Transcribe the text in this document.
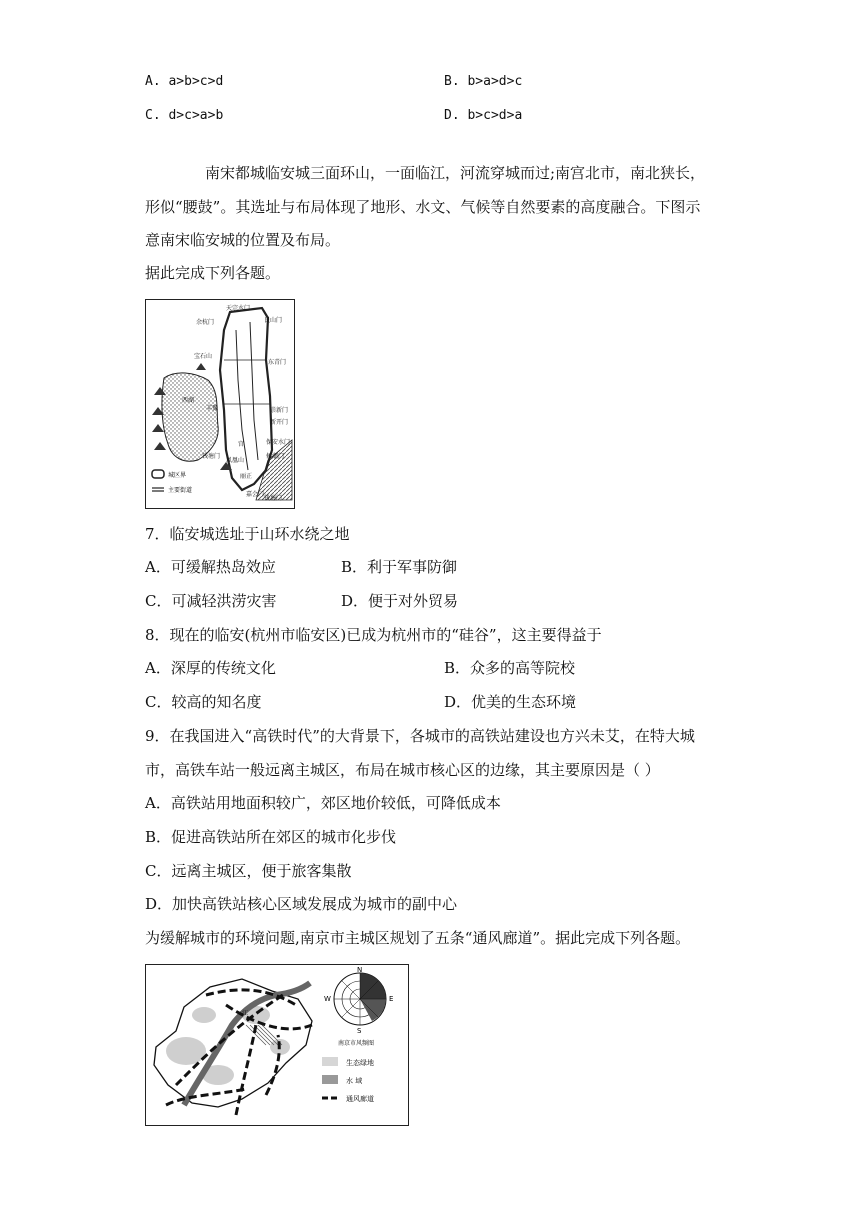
A. a>b>c>d	B. b>a>d>c
C. d>c>a>b	D. b>c>d>a
南宋都城临安城三面环山，一面临江，河流穿城而过;南宫北市，南北狭长，
形似“腰鼓”。其选址与布局体现了地形、水文、气候等自然要素的高度融合。下图示
意南宋临安城的位置及布局。
据此完成下列各题。
天宗水门
艮山门
余杭门
东青门
崇新门
新开门
保安水门
候潮门
宝石山
西湖
丰豫
钱塘门
凤凰山
宫
丽正
嘉会门
钱塘门
城区界
主要街道
7．临安城选址于山环水绕之地
A．可缓解热岛效应	B．利于军事防御
C．可减轻洪涝灾害	D．便于对外贸易
8．现在的临安(杭州市临安区)已成为杭州市的“硅谷”，这主要得益于
A．深厚的传统文化	B．众多的高等院校
C．较高的知名度	D．优美的生态环境
9．在我国进入“高铁时代”的大背景下，各城市的高铁站建设也方兴未艾，在特大城
市，高铁车站一般远离主城区，布局在城市核心区的边缘，其主要原因是（ ）
A．高铁站用地面积较广，郊区地价较低，可降低成本
B．促进高铁站所在郊区的城市化步伐
C．远离主城区，便于旅客集散
D．加快高铁站核心区域发展成为城市的副中心
为缓解城市的环境问题,南京市主城区规划了五条“通风廊道”。据此完成下列各题。
江
N
S
E
W
南京市风频图
生态绿地
水 域
通风廊道
